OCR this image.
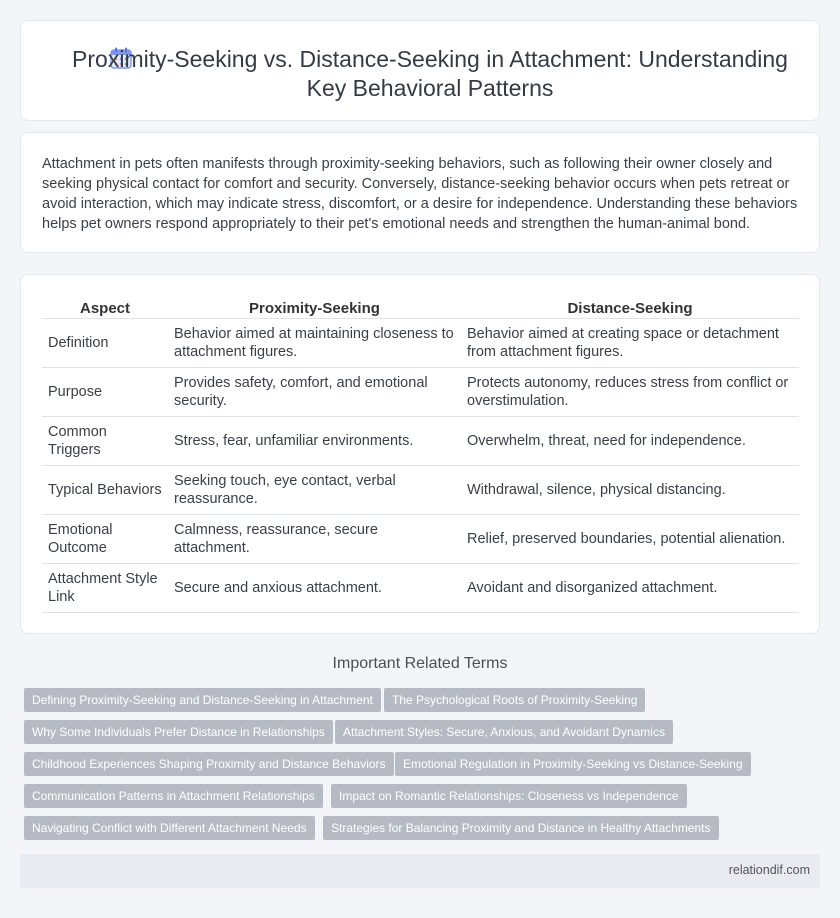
Proximity-Seeking vs. Distance-Seeking in Attachment: Understanding Key Behavioral Patterns

Attachment in pets often manifests through proximity-seeking behaviors, such as following their owner closely and seeking physical contact for comfort and security. Conversely, distance-seeking behavior occurs when pets retreat or avoid interaction, which may indicate stress, discomfort, or a desire for independence. Understanding these behaviors helps pet owners respond appropriately to their pet's emotional needs and strengthen the human-animal bond.

Aspect	Proximity-Seeking	Distance-Seeking
Definition	Behavior aimed at maintaining closeness to attachment figures.	Behavior aimed at creating space or detachment from attachment figures.
Purpose	Provides safety, comfort, and emotional security.	Protects autonomy, reduces stress from conflict or overstimulation.
Common Triggers	Stress, fear, unfamiliar environments.	Overwhelm, threat, need for independence.
Typical Behaviors	Seeking touch, eye contact, verbal reassurance.	Withdrawal, silence, physical distancing.
Emotional Outcome	Calmness, reassurance, secure attachment.	Relief, preserved boundaries, potential alienation.
Attachment Style Link	Secure and anxious attachment.	Avoidant and disorganized attachment.
Important Related Terms
Defining Proximity-Seeking and Distance-Seeking in Attachment	The Psychological Roots of Proximity-Seeking
Why Some Individuals Prefer Distance in Relationships	Attachment Styles: Secure, Anxious, and Avoidant Dynamics
Childhood Experiences Shaping Proximity and Distance Behaviors	Emotional Regulation in Proximity-Seeking vs Distance-Seeking
Communication Patterns in Attachment Relationships	Impact on Romantic Relationships: Closeness vs Independence
Navigating Conflict with Different Attachment Needs	Strategies for Balancing Proximity and Distance in Healthy Attachments
relationdif.com
